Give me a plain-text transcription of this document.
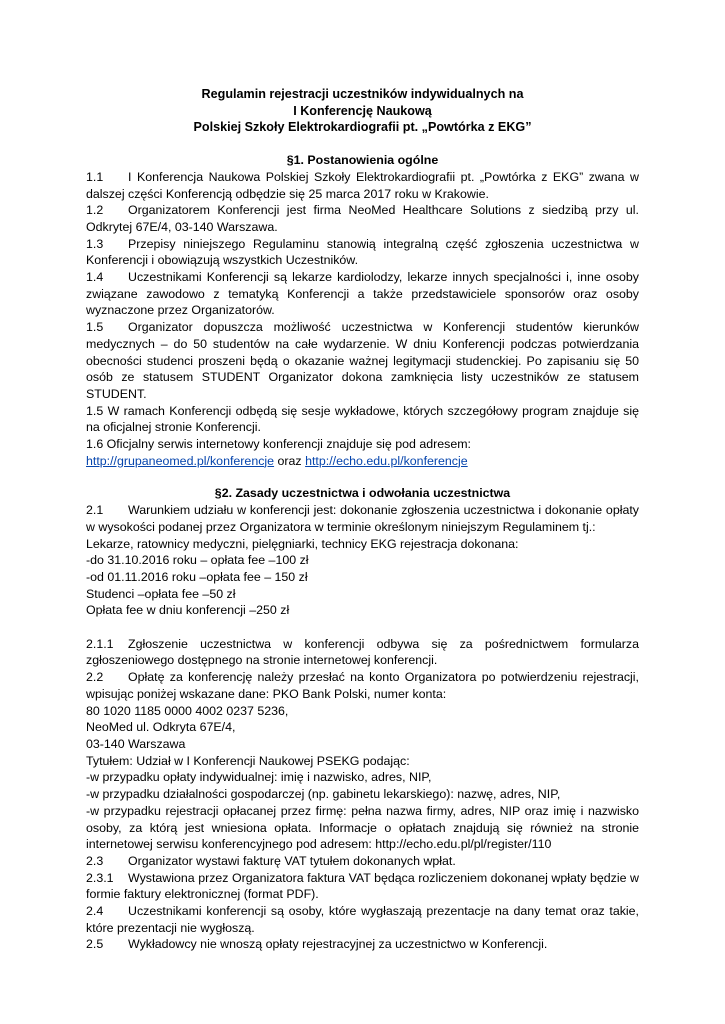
Regulamin rejestracji uczestników indywidualnych na
I Konferencję Naukową
Polskiej Szkoły Elektrokardiografii pt. „Powtórka z EKG”
§1. Postanowienia ogólne
1.1 I Konferencja Naukowa Polskiej Szkoły Elektrokardiografii pt. „Powtórka z EKG” zwana w dalszej części Konferencją odbędzie się 25 marca 2017 roku w Krakowie.
1.2 Organizatorem Konferencji jest firma NeoMed Healthcare Solutions z siedzibą przy ul. Odkrytej 67E/4, 03-140 Warszawa.
1.3 Przepisy niniejszego Regulaminu stanowią integralną część zgłoszenia uczestnictwa w Konferencji i obowiązują wszystkich Uczestników.
1.4 Uczestnikami Konferencji są lekarze kardiolodzy, lekarze innych specjalności i, inne osoby związane zawodowo z tematyką Konferencji a także przedstawiciele sponsorów oraz osoby wyznaczone przez Organizatorów.
1.5 Organizator dopuszcza możliwość uczestnictwa w Konferencji studentów kierunków medycznych – do 50 studentów na całe wydarzenie. W dniu Konferencji podczas potwierdzania obecności studenci proszeni będą o okazanie ważnej legitymacji studenckiej. Po zapisaniu się 50 osób ze statusem STUDENT Organizator dokona zamknięcia listy uczestników ze statusem STUDENT.
1.5 W ramach Konferencji odbędą się sesje wykładowe, których szczegółowy program znajduje się na oficjalnej stronie Konferencji.
1.6 Oficjalny serwis internetowy konferencji znajduje się pod adresem:
http://grupaneomed.pl/konferencje oraz http://echo.edu.pl/konferencje
§2. Zasady uczestnictwa i odwołania uczestnictwa
2.1 Warunkiem udziału w konferencji jest: dokonanie zgłoszenia uczestnictwa i dokonanie opłaty w wysokości podanej przez Organizatora w terminie określonym niniejszym Regulaminem tj.:
Lekarze, ratownicy medyczni, pielęgniarki, technicy EKG rejestracja dokonana:
-do 31.10.2016 roku – opłata fee –100 zł
-od 01.11.2016 roku –opłata fee – 150 zł
Studenci –opłata fee –50 zł
Opłata fee w dniu konferencji –250 zł
2.1.1 Zgłoszenie uczestnictwa w konferencji odbywa się za pośrednictwem formularza zgłoszeniowego dostępnego na stronie internetowej konferencji.
2.2 Opłatę za konferencję należy przesłać na konto Organizatora po potwierdzeniu rejestracji, wpisując poniżej wskazane dane: PKO Bank Polski, numer konta:
80 1020 1185 0000 4002 0237 5236,
NeoMed ul. Odkryta 67E/4,
03-140 Warszawa
Tytułem: Udział w I Konferencji Naukowej PSEKG podając:
-w przypadku opłaty indywidualnej: imię i nazwisko, adres, NIP,
-w przypadku działalności gospodarczej (np. gabinetu lekarskiego): nazwę, adres, NIP,
-w przypadku rejestracji opłacanej przez firmę: pełna nazwa firmy, adres, NIP oraz imię i nazwisko osoby, za którą jest wniesiona opłata. Informacje o opłatach znajdują się również na stronie internetowej serwisu konferencyjnego pod adresem: http://echo.edu.pl/pl/register/110
2.3 Organizator wystawi fakturę VAT tytułem dokonanych wpłat.
2.3.1 Wystawiona przez Organizatora faktura VAT będąca rozliczeniem dokonanej wpłaty będzie w formie faktury elektronicznej (format PDF).
2.4 Uczestnikami konferencji są osoby, które wygłaszają prezentacje na dany temat oraz takie, które prezentacji nie wygłoszą.
2.5 Wykładowcy nie wnoszą opłaty rejestracyjnej za uczestnictwo w Konferencji.
